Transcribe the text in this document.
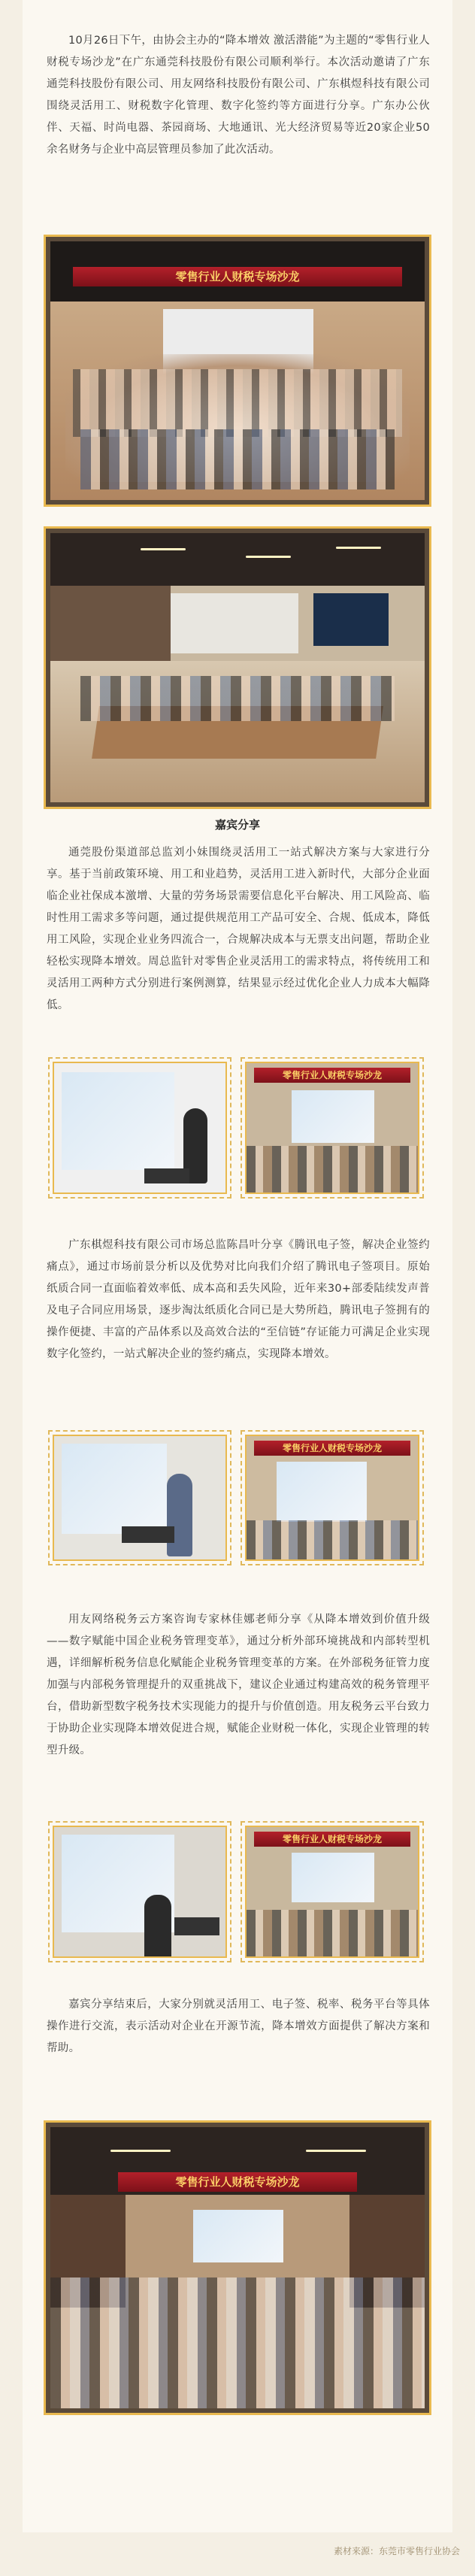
10月26日下午，由协会主办的“降本增效 激活潜能”为主题的“零售行业人财税专场沙龙”在广东通莞科技股份有限公司顺利举行。本次活动邀请了广东通莞科技股份有限公司、用友网络科技股份有限公司、广东棋煜科技有限公司围绕灵活用工、财税数字化管理、数字化签约等方面进行分享。广东办公伙伴、天福、时尚电器、茶园商场、大地通讯、光大经济贸易等近20家企业50余名财务与企业中高层管理员参加了此次活动。
零售行业人财税专场沙龙
嘉宾分享
通莞股份渠道部总监刘小妹围绕灵活用工一站式解决方案与大家进行分享。基于当前政策环境、用工和业趋势，灵活用工进入新时代，大部分企业面临企业社保成本激增、大量的劳务场景需要信息化平台解决、用工风险高、临时性用工需求多等问题，通过提供规范用工产品可安全、合规、低成本，降低用工风险，实现企业业务四流合一，合规解决成本与无票支出问题，帮助企业轻松实现降本增效。周总监针对零售企业灵活用工的需求特点，将传统用工和灵活用工两种方式分别进行案例测算，结果显示经过优化企业人力成本大幅降低。
零售行业人财税专场沙龙
广东棋煜科技有限公司市场总监陈昌叶分享《腾讯电子签，解决企业签约痛点》，通过市场前景分析以及优势对比向我们介绍了腾讯电子签项目。原始纸质合同一直面临着效率低、成本高和丢失风险，近年来30+部委陆续发声普及电子合同应用场景，逐步淘汰纸质化合同已是大势所趋，腾讯电子签拥有的操作便捷、丰富的产品体系以及高效合法的“至信链”存证能力可满足企业实现数字化签约，一站式解决企业的签约痛点，实现降本增效。
零售行业人财税专场沙龙
用友网络税务云方案咨询专家林佳娜老师分享《从降本增效到价值升级——数字赋能中国企业税务管理变革》，通过分析外部环境挑战和内部转型机遇，详细解析税务信息化赋能企业税务管理变革的方案。在外部税务征管力度加强与内部税务管理提升的双重挑战下，建议企业通过构建高效的税务管理平台，借助新型数字税务技术实现能力的提升与价值创造。用友税务云平台致力于协助企业实现降本增效促进合规，赋能企业财税一体化，实现企业管理的转型升级。
零售行业人财税专场沙龙
嘉宾分享结束后，大家分别就灵活用工、电子签、税率、税务平台等具体操作进行交流，表示活动对企业在开源节流，降本增效方面提供了解决方案和帮助。
零售行业人财税专场沙龙
素材来源：东莞市零售行业协会
